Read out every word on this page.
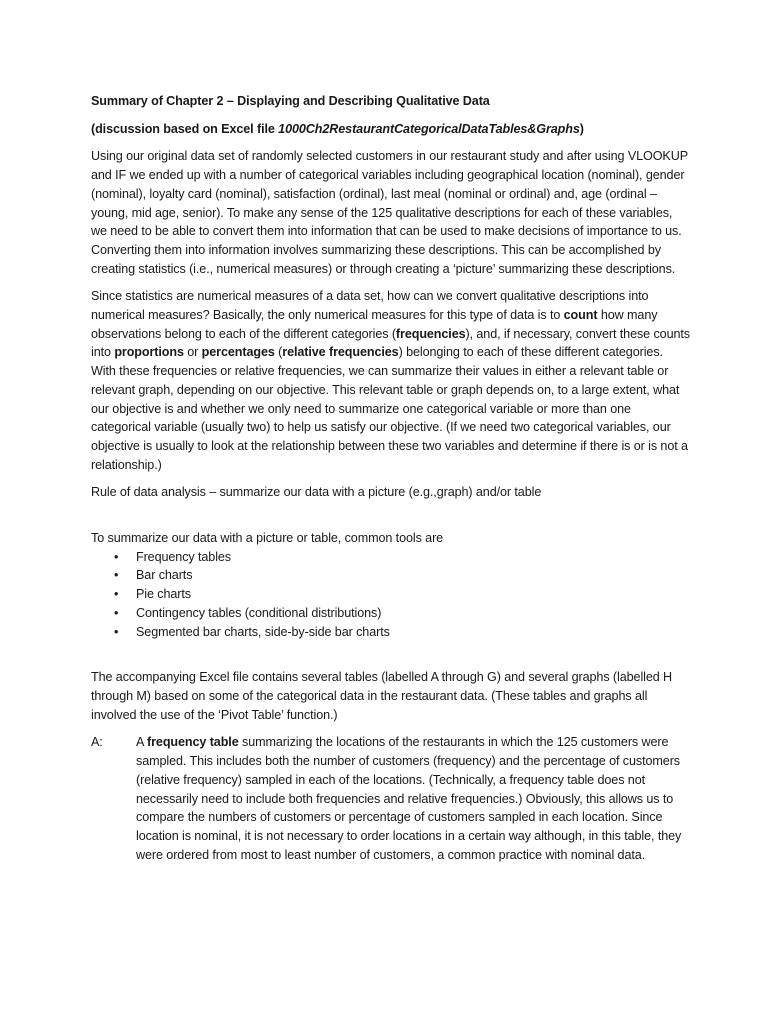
Summary of Chapter 2 – Displaying and Describing Qualitative Data
(discussion based on Excel file 1000Ch2RestaurantCategoricalDataTables&Graphs)

Using our original data set of randomly selected customers in our restaurant study and after using VLOOKUP and IF we ended up with a number of categorical variables including geographical location (nominal), gender (nominal), loyalty card (nominal), satisfaction (ordinal), last meal (nominal or ordinal) and, age (ordinal – young, mid age, senior). To make any sense of the 125 qualitative descriptions for each of these variables, we need to be able to convert them into information that can be used to make decisions of importance to us. Converting them into information involves summarizing these descriptions. This can be accomplished by creating statistics (i.e., numerical measures) or through creating a ‘picture’ summarizing these descriptions.

Since statistics are numerical measures of a data set, how can we convert qualitative descriptions into numerical measures? Basically, the only numerical measures for this type of data is to count how many observations belong to each of the different categories (frequencies), and, if necessary, convert these counts into proportions or percentages (relative frequencies) belonging to each of these different categories. With these frequencies or relative frequencies, we can summarize their values in either a relevant table or relevant graph, depending on our objective. This relevant table or graph depends on, to a large extent, what our objective is and whether we only need to summarize one categorical variable or more than one categorical variable (usually two) to help us satisfy our objective. (If we need two categorical variables, our objective is usually to look at the relationship between these two variables and determine if there is or is not a relationship.)

Rule of data analysis – summarize our data with a picture (e.g.,graph) and/or table

To summarize our data with a picture or table, common tools are
• Frequency tables
• Bar charts
• Pie charts
• Contingency tables (conditional distributions)
• Segmented bar charts, side-by-side bar charts

The accompanying Excel file contains several tables (labelled A through G) and several graphs (labelled H through M) based on some of the categorical data in the restaurant data. (These tables and graphs all involved the use of the ‘Pivot Table’ function.)

A:	A frequency table summarizing the locations of the restaurants in which the 125 customers were sampled. This includes both the number of customers (frequency) and the percentage of customers (relative frequency) sampled in each of the locations. (Technically, a frequency table does not necessarily need to include both frequencies and relative frequencies.) Obviously, this allows us to compare the numbers of customers or percentage of customers sampled in each location. Since location is nominal, it is not necessary to order locations in a certain way although, in this table, they were ordered from most to least number of customers, a common practice with nominal data.
